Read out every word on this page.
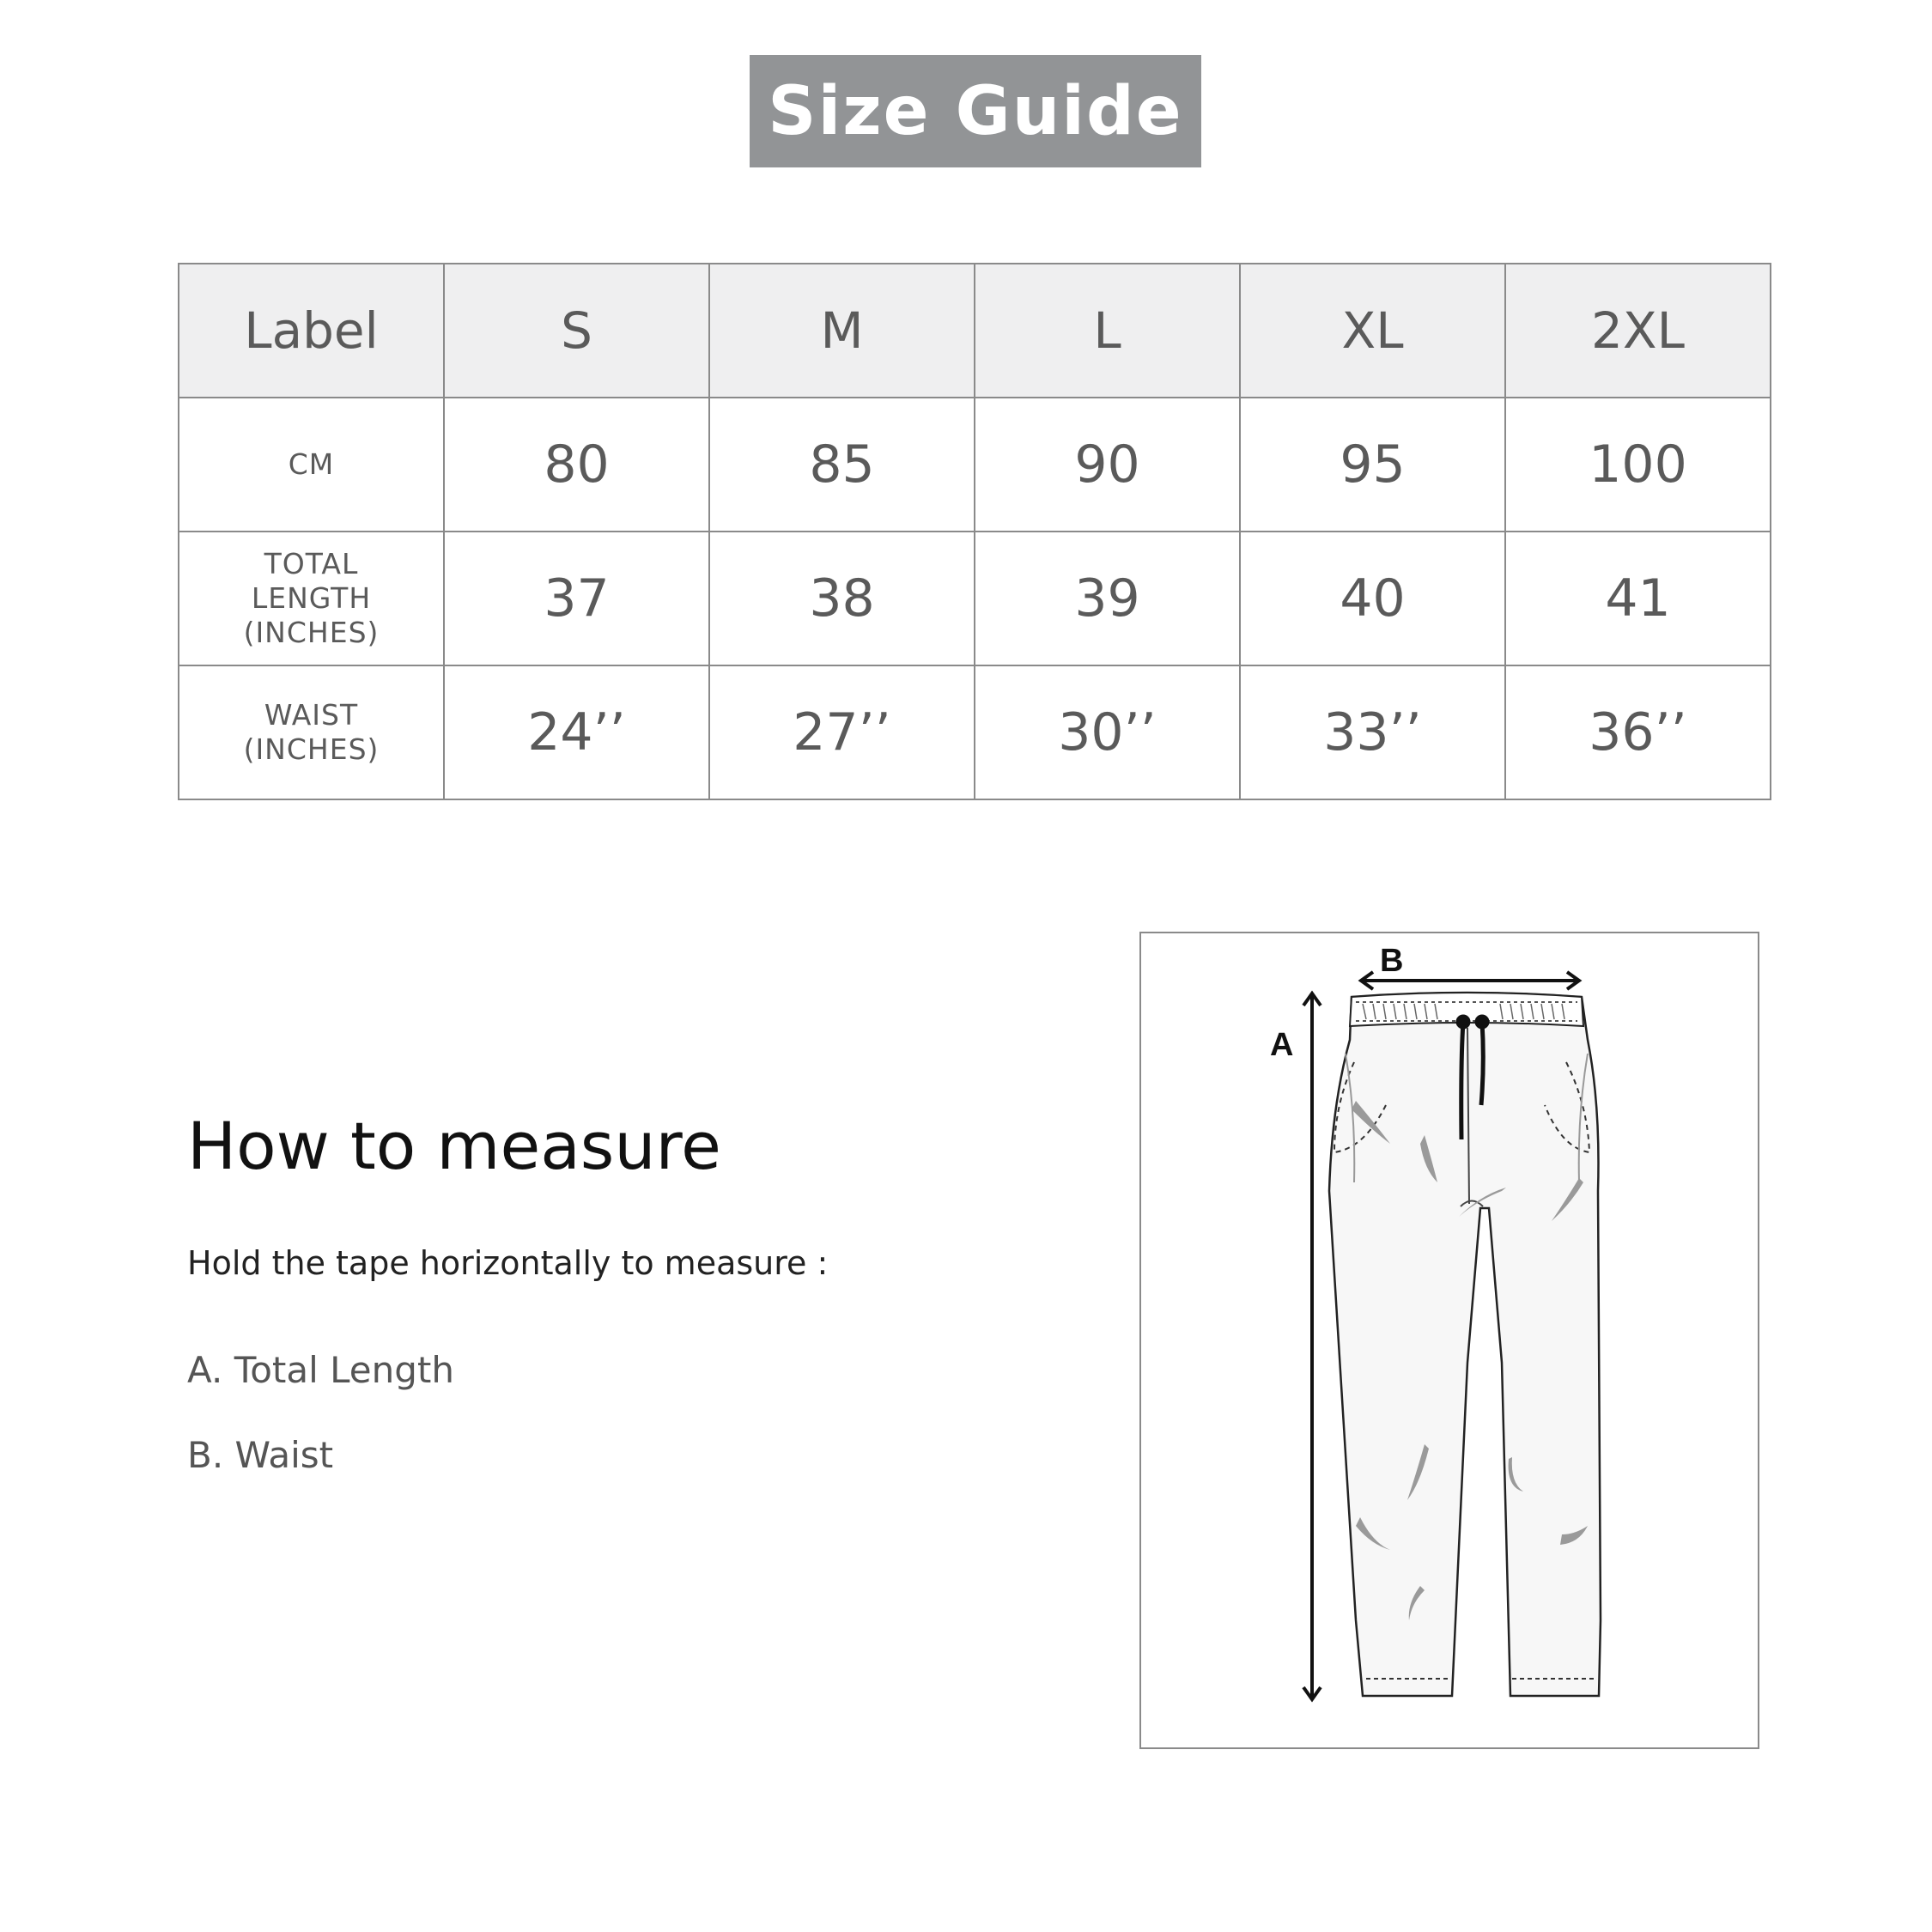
Size Guide
Label	S	M	L	XL	2XL

CM	80	85	90	95	100

TOTAL
LENGTH
(INCHES)	37	38	39	40	41

WAIST
(INCHES)	24’’	27’’	30’’	33’’	36’’
How to measure
Hold the tape horizontally to measure :
A. Total Length
B. Waist
A
B
